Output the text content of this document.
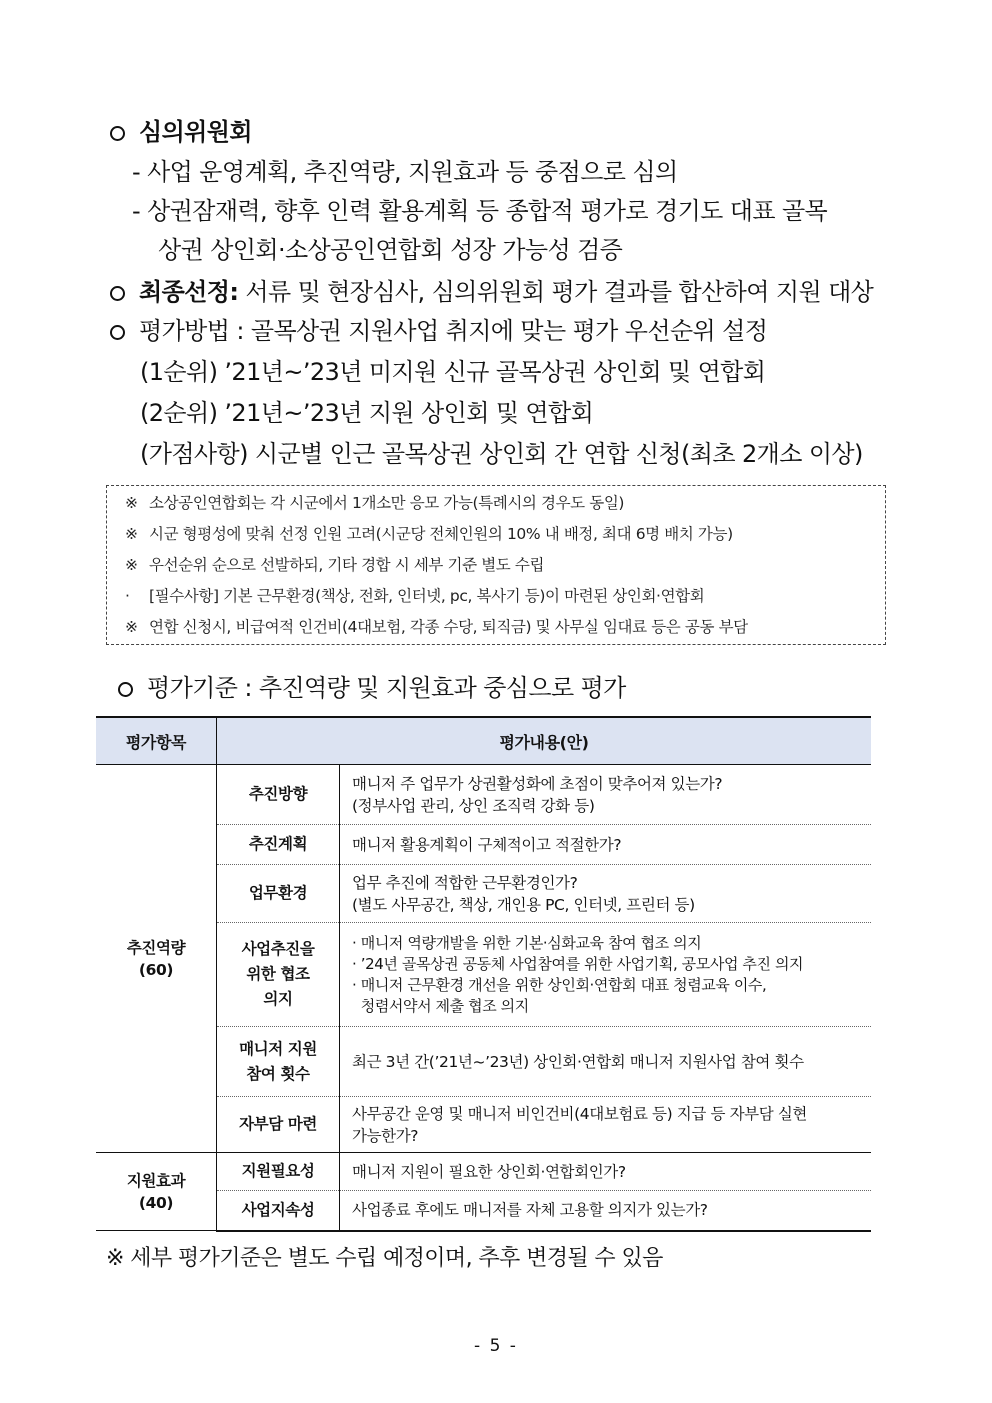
심의위원회
- 사업 운영계획, 추진역량, 지원효과 등 중점으로 심의
- 상권잠재력, 향후 인력 활용계획 등 종합적 평가로 경기도 대표 골목
상권 상인회·소상공인연합회 성장 가능성 검증
최종선정: 서류 및 현장심사, 심의위원회 평가 결과를 합산하여 지원 대상
평가방법 : 골목상권 지원사업 취지에 맞는 평가 우선순위 설정
(1순위) ’21년~’23년 미지원 신규 골목상권 상인회 및 연합회
(2순위) ’21년~’23년 지원 상인회 및 연합회
(가점사항) 시군별 인근 골목상권 상인회 간 연합 신청(최초 2개소 이상)
※ 소상공인연합회는 각 시군에서 1개소만 응모 가능(특례시의 경우도 동일)
※ 시군 형평성에 맞춰 선정 인원 고려(시군당 전체인원의 10% 내 배정, 최대 6명 배치 가능)
※ 우선순위 순으로 선발하되, 기타 경합 시 세부 기준 별도 수립
· [필수사항] 기본 근무환경(책상, 전화, 인터넷, pc, 복사기 등)이 마련된 상인회·연합회
※ 연합 신청시, 비급여적 인건비(4대보험, 각종 수당, 퇴직금) 및 사무실 임대료 등은 공동 부담
평가기준 : 추진역량 및 지원효과 중심으로 평가
평가항목	평가내용(안)	
추진역량
(60)	추진방향	매니저 주 업무가 상권활성화에 초점이 맞추어져 있는가?
(정부사업 관리, 상인 조직력 강화 등)
	추진계획	매니저 활용계획이 구체적이고 적절한가?
	업무환경	업무 추진에 적합한 근무환경인가?
(별도 사무공간, 책상, 개인용 PC, 인터넷, 프린터 등)
	사업추진을
위한 협조
의지	· 매니저 역량개발을 위한 기본·심화교육 참여 협조 의지
· ’24년 골목상권 공동체 사업참여를 위한 사업기획, 공모사업 추진 의지
· 매니저 근무환경 개선을 위한 상인회·연합회 대표 청렴교육 이수,
청렴서약서 제출 협조 의지
	매니저 지원
참여 횟수	최근 3년 간(’21년~’23년) 상인회·연합회 매니저 지원사업 참여 횟수
	자부담 마련	사무공간 운영 및 매니저 비인건비(4대보험료 등) 지급 등 자부담 실현
가능한가?
지원효과
(40)	지원필요성	매니저 지원이 필요한 상인회·연합회인가?
	사업지속성	사업종료 후에도 매니저를 자체 고용할 의지가 있는가?
※ 세부 평가기준은 별도 수립 예정이며, 추후 변경될 수 있음
- 5 -
